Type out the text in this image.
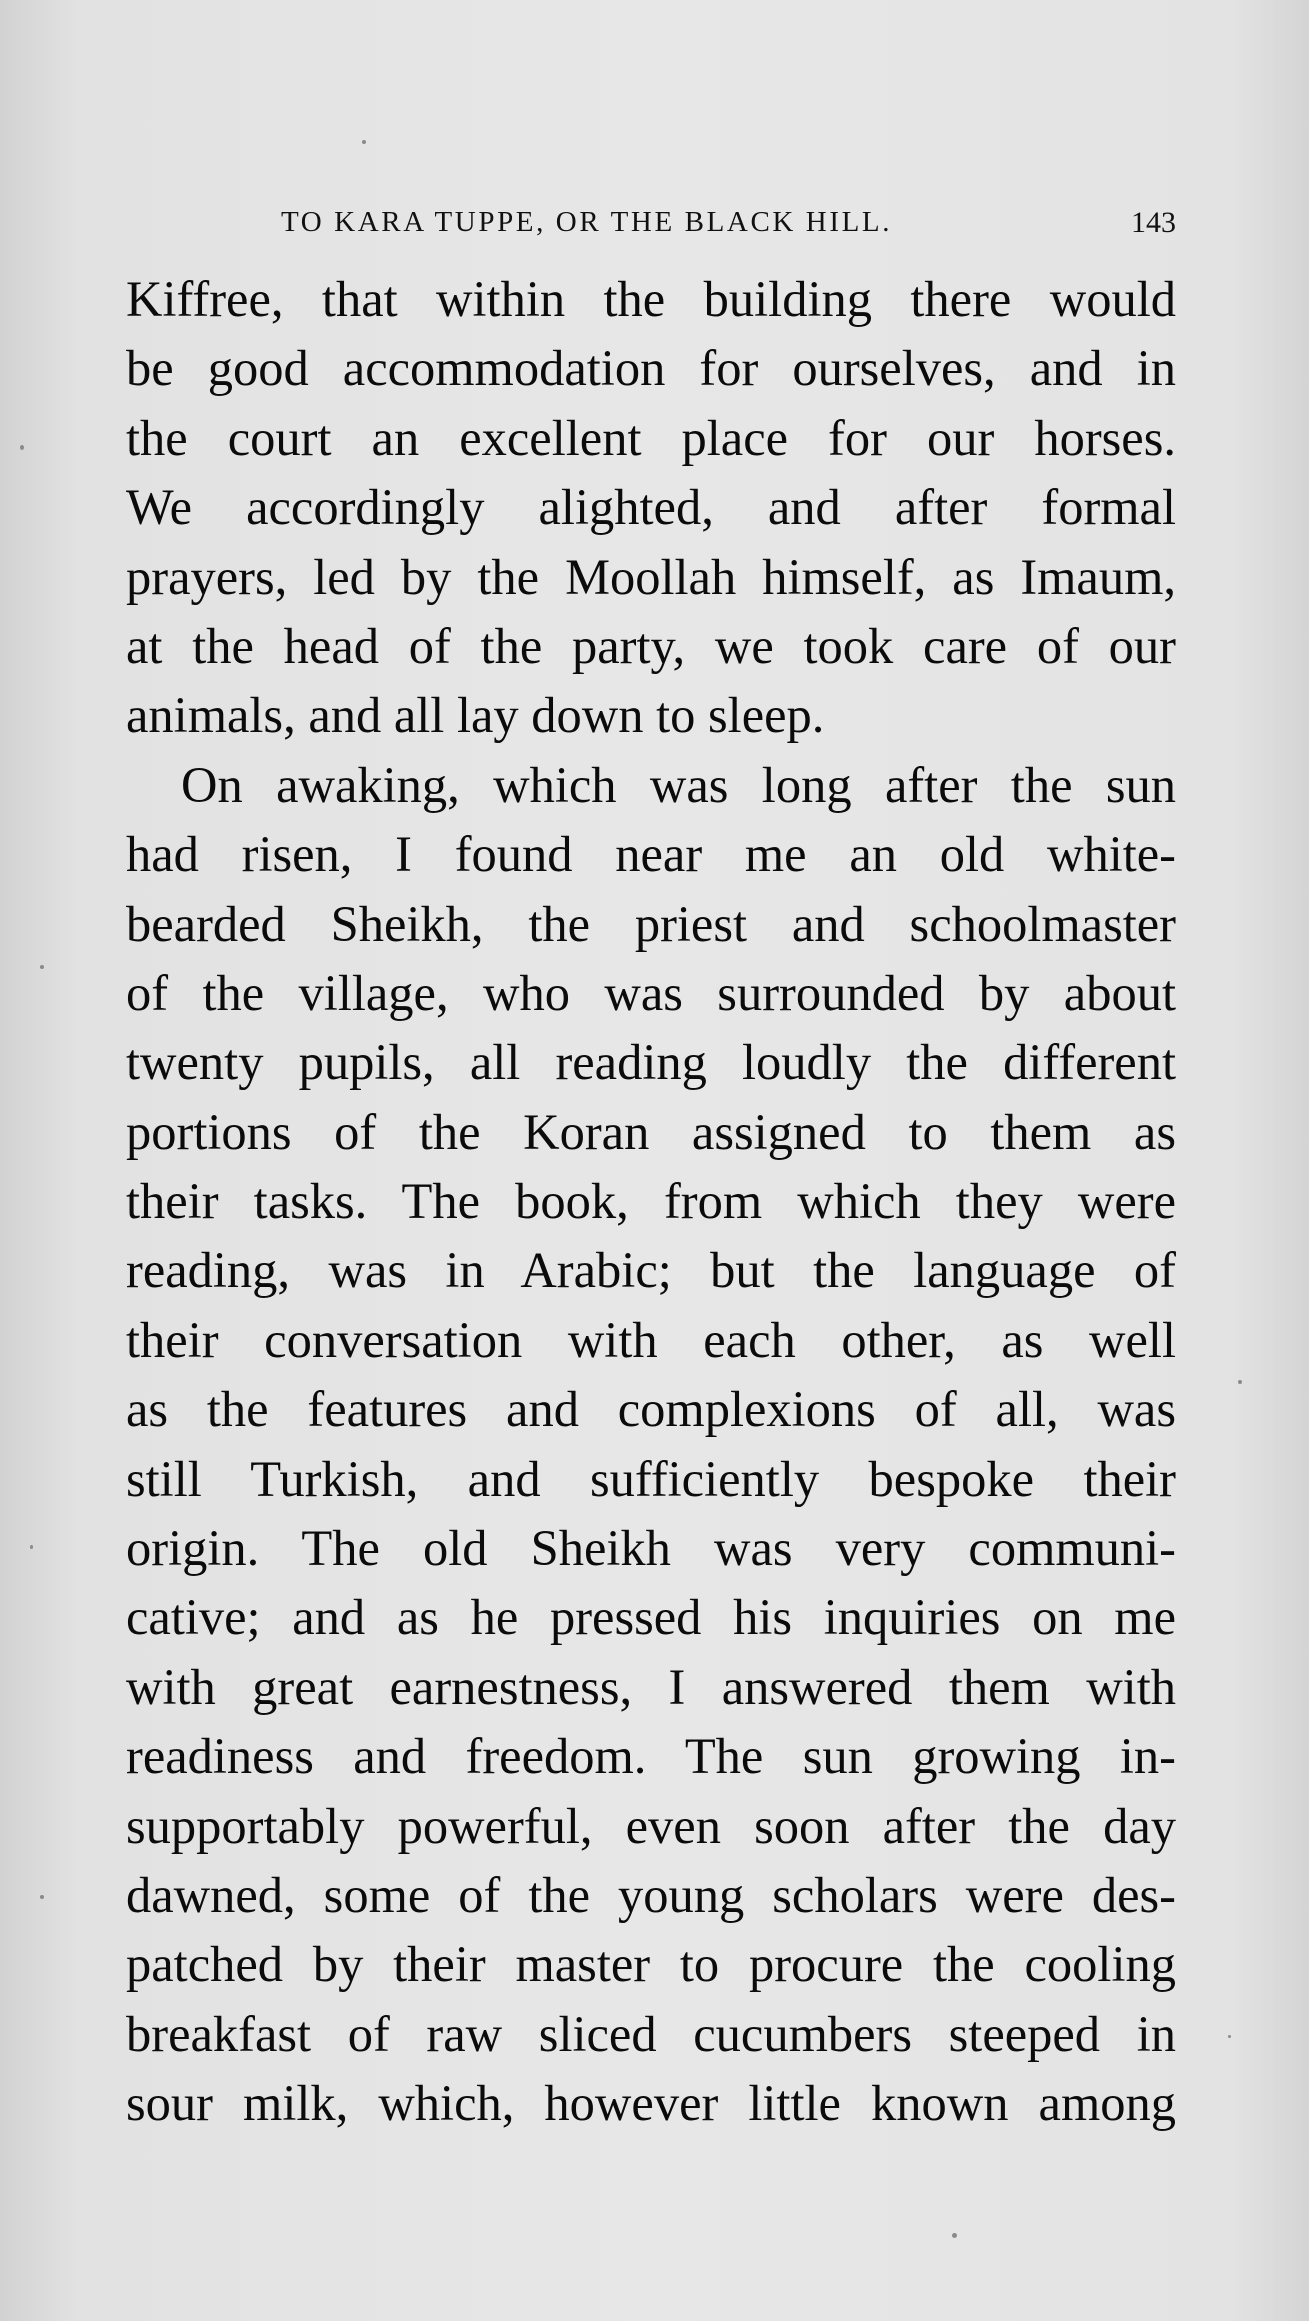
TO KARA TUPPE, OR THE BLACK HILL.	143
Kiffree, that within the building there would
be good accommodation for ourselves, and in
the court an excellent place for our horses.
We accordingly alighted, and after formal
prayers, led by the Moollah himself, as Imaum,
at the head of the party, we took care of our
animals, and all lay down to sleep.
On awaking, which was long after the sun
had risen, I found near me an old white-
bearded Sheikh, the priest and schoolmaster
of the village, who was surrounded by about
twenty pupils, all reading loudly the different
portions of the Koran assigned to them as
their tasks. The book, from which they were
reading, was in Arabic; but the language of
their conversation with each other, as well
as the features and complexions of all, was
still Turkish, and sufficiently bespoke their
origin. The old Sheikh was very communi-
cative; and as he pressed his inquiries on me
with great earnestness, I answered them with
readiness and freedom. The sun growing in-
supportably powerful, even soon after the day
dawned, some of the young scholars were des-
patched by their master to procure the cooling
breakfast of raw sliced cucumbers steeped in
sour milk, which, however little known among
